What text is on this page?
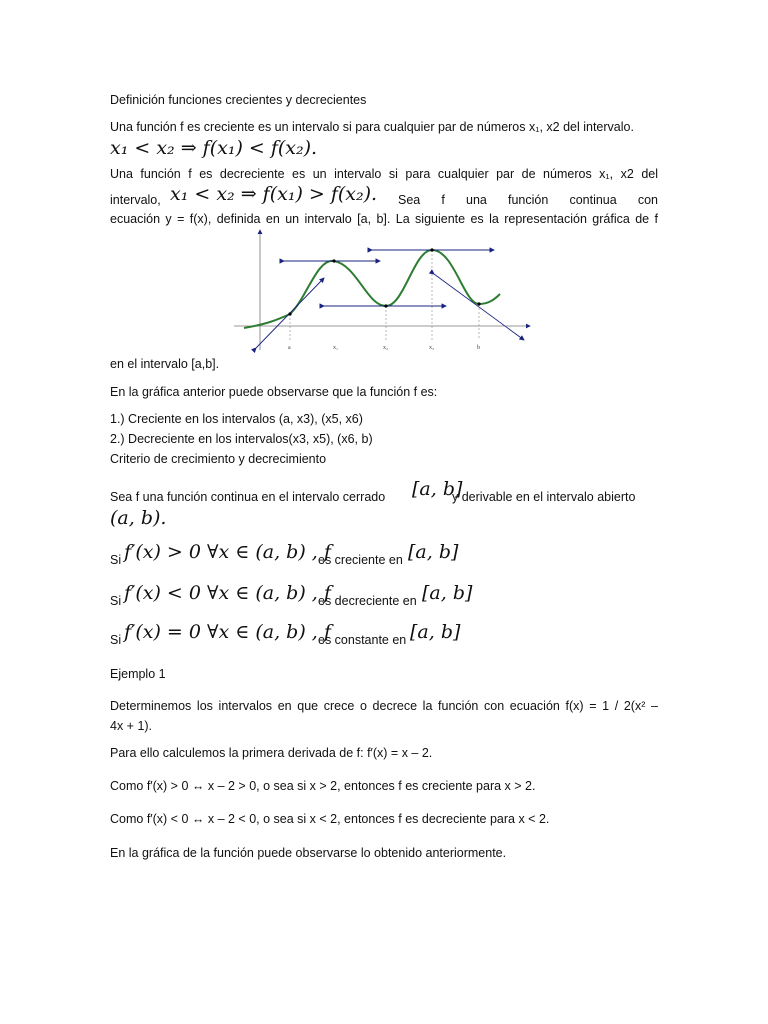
Definición funciones crecientes y decrecientes
Una función f es creciente es un intervalo si para cualquier par de números x₁, x2 del intervalo.
x₁ < x₂ ⇒ f(x₁) < f(x₂).
Una función f es decreciente es un intervalo si para cualquier par de números x₁, x2 del
intervalo, x₁ < x₂ ⇒ f(x₁) > f(x₂). Sea f una función continua con
ecuación y = f(x), definida en un intervalo [a, b]. La siguiente es la representación gráfica de f
a	x₁	x₂	x₃	b
en el intervalo [a,b].
En la gráfica anterior puede observarse que la función f es:
1.) Creciente en los intervalos (a, x3), (x5, x6)
2.) Decreciente en los intervalos(x3, x5), (x6, b)
Criterio de crecimiento y decrecimiento
Sea f una función continua en el intervalo cerrado [a, b]
y derivable en el intervalo abierto
(a, b).
Si f′(x) > 0 ∀x ∈ (a, b) , f
es creciente en [a, b]
Si f′(x) < 0 ∀x ∈ (a, b) , f
es decreciente en [a, b]
Si f′(x) = 0 ∀x ∈ (a, b) , f
es constante en [a, b]
Ejemplo 1
Determinemos los intervalos en que crece o decrece la función con ecuación f(x) = 1 / 2(x² –
4x + 1).
Para ello calculemos la primera derivada de f: f′(x) = x – 2.
Como f′(x) > 0 ↔ x – 2 > 0, o sea si x > 2, entonces f es creciente para x > 2.
Como f′(x) < 0 ↔ x – 2 < 0, o sea si x < 2, entonces f es decreciente para x < 2.
En la gráfica de la función puede observarse lo obtenido anteriormente.
